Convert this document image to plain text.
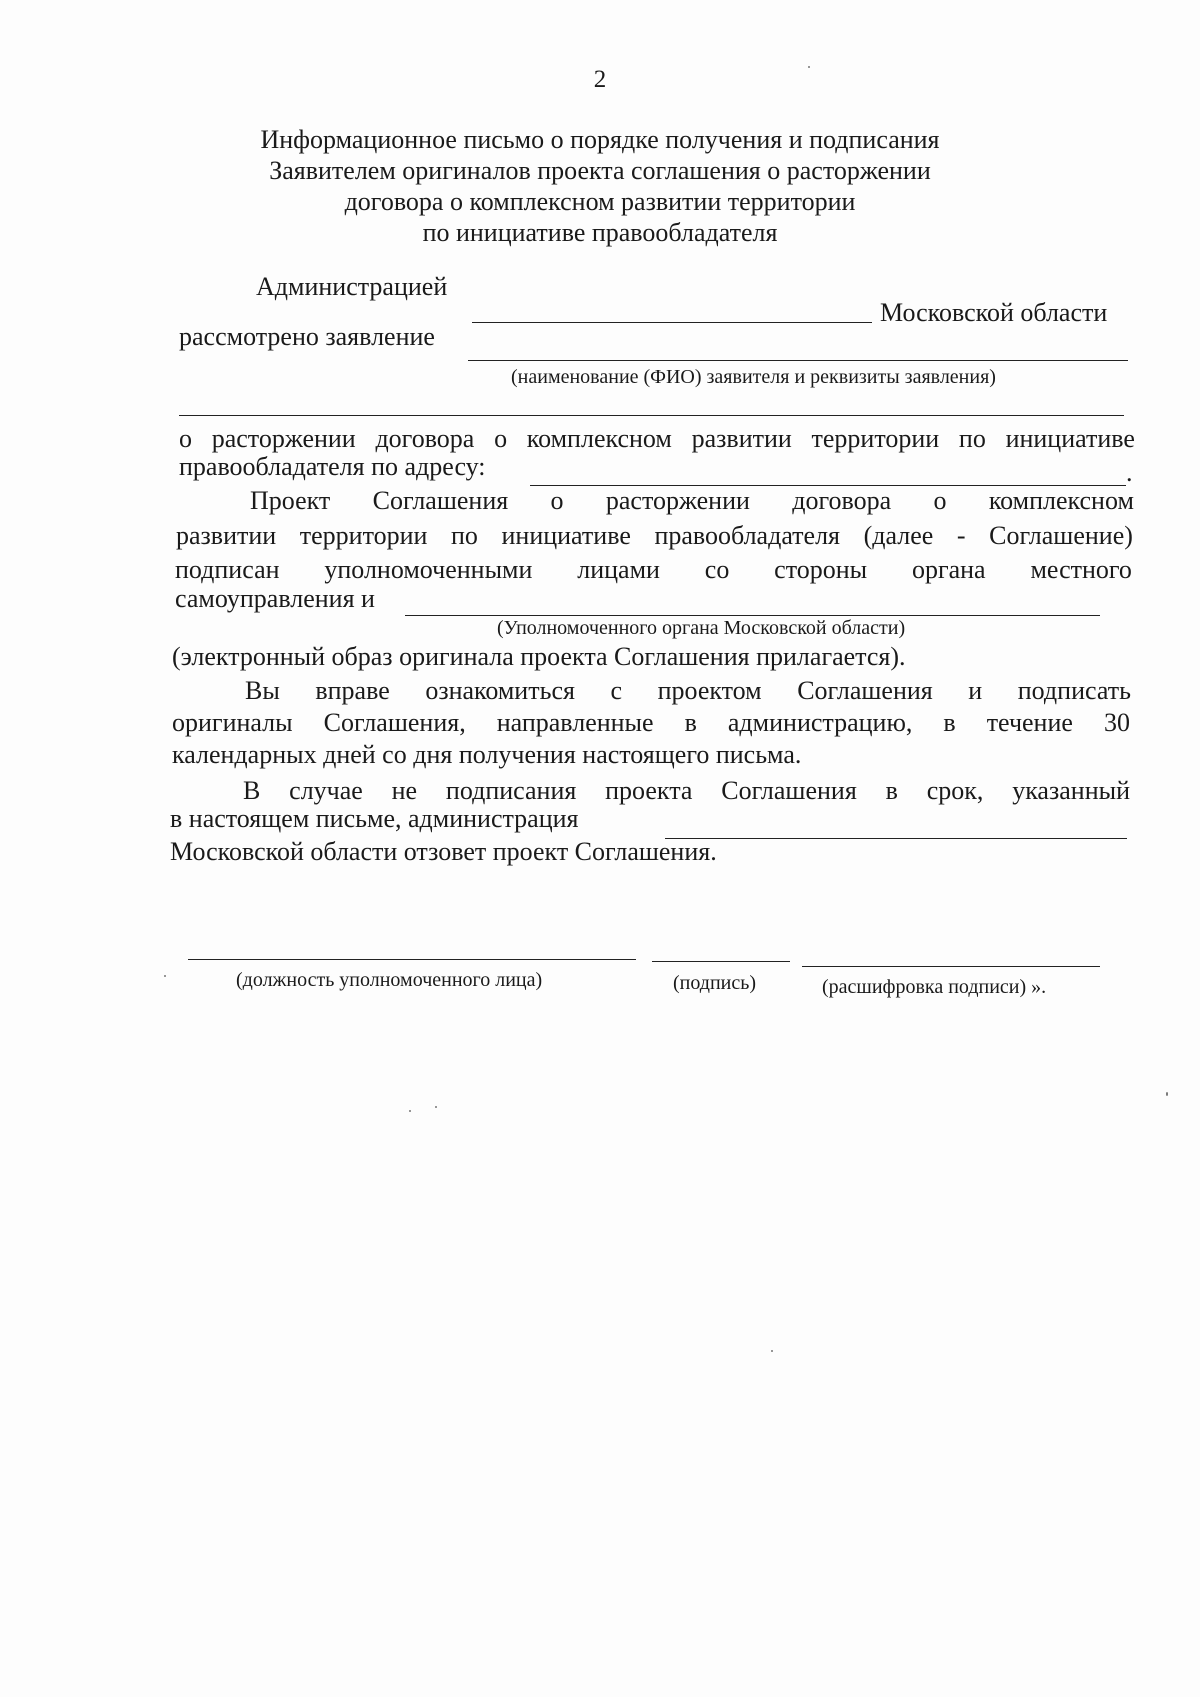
2
Информационное письмо о порядке получения и подписания
Заявителем оригиналов проекта соглашения о расторжении
договора о комплексном развитии территории
по инициативе правообладателя
Администрацией
Московской области
рассмотрено заявление
(наименование (ФИО) заявителя и реквизиты заявления)
о расторжении договора о комплексном развитии территории по инициативе
правообладателя по адресу:	.
Проект Соглашения о расторжении договора о комплексном
развитии территории по инициативе правообладателя (далее - Соглашение)
подписан уполномоченными лицами со стороны органа местного
самоуправления и
(Уполномоченного органа Московской области)
(электронный образ оригинала проекта Соглашения прилагается).
Вы вправе ознакомиться с проектом Соглашения и подписать
оригиналы Соглашения, направленные в администрацию, в течение 30
календарных дней со дня получения настоящего письма.
В случае не подписания проекта Соглашения в срок, указанный
в настоящем письме, администрация
Московской области отзовет проект Соглашения.
(должность уполномоченного лица)	(подпись)	(расшифровка подписи) ».
